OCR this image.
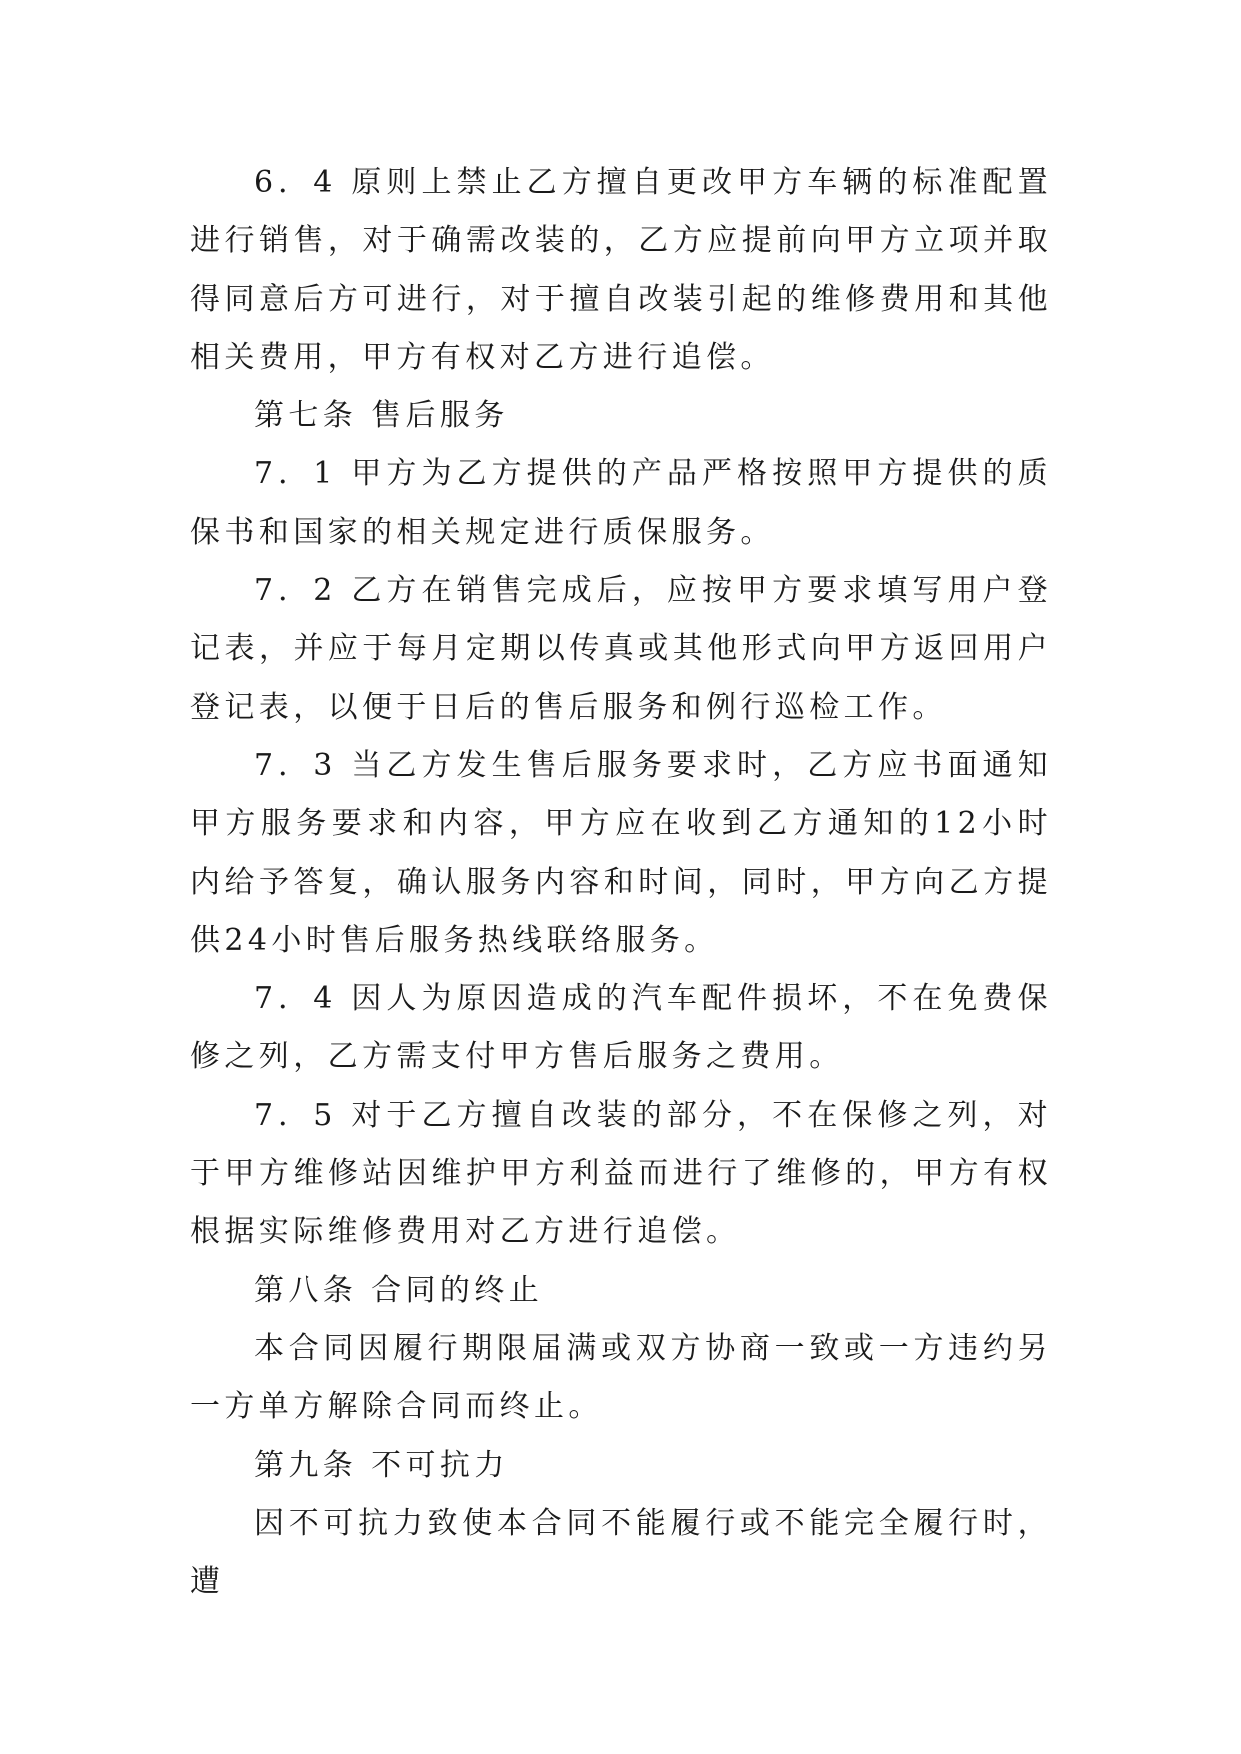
6．4 原则上禁止乙方擅自更改甲方车辆的标准配置进行销售，对于确需改装的，乙方应提前向甲方立项并取得同意后方可进行，对于擅自改装引起的维修费用和其他相关费用，甲方有权对乙方进行追偿。

第七条 售后服务

7．1 甲方为乙方提供的产品严格按照甲方提供的质保书和国家的相关规定进行质保服务。

7．2 乙方在销售完成后，应按甲方要求填写用户登记表，并应于每月定期以传真或其他形式向甲方返回用户登记表，以便于日后的售后服务和例行巡检工作。

7．3 当乙方发生售后服务要求时，乙方应书面通知甲方服务要求和内容，甲方应在收到乙方通知的12小时内给予答复，确认服务内容和时间，同时，甲方向乙方提供24小时售后服务热线联络服务。

7．4 因人为原因造成的汽车配件损坏，不在免费保修之列，乙方需支付甲方售后服务之费用。

7．5 对于乙方擅自改装的部分，不在保修之列，对于甲方维修站因维护甲方利益而进行了维修的，甲方有权根据实际维修费用对乙方进行追偿。

第八条 合同的终止

本合同因履行期限届满或双方协商一致或一方违约另一方单方解除合同而终止。

第九条 不可抗力

因不可抗力致使本合同不能履行或不能完全履行时，遭
